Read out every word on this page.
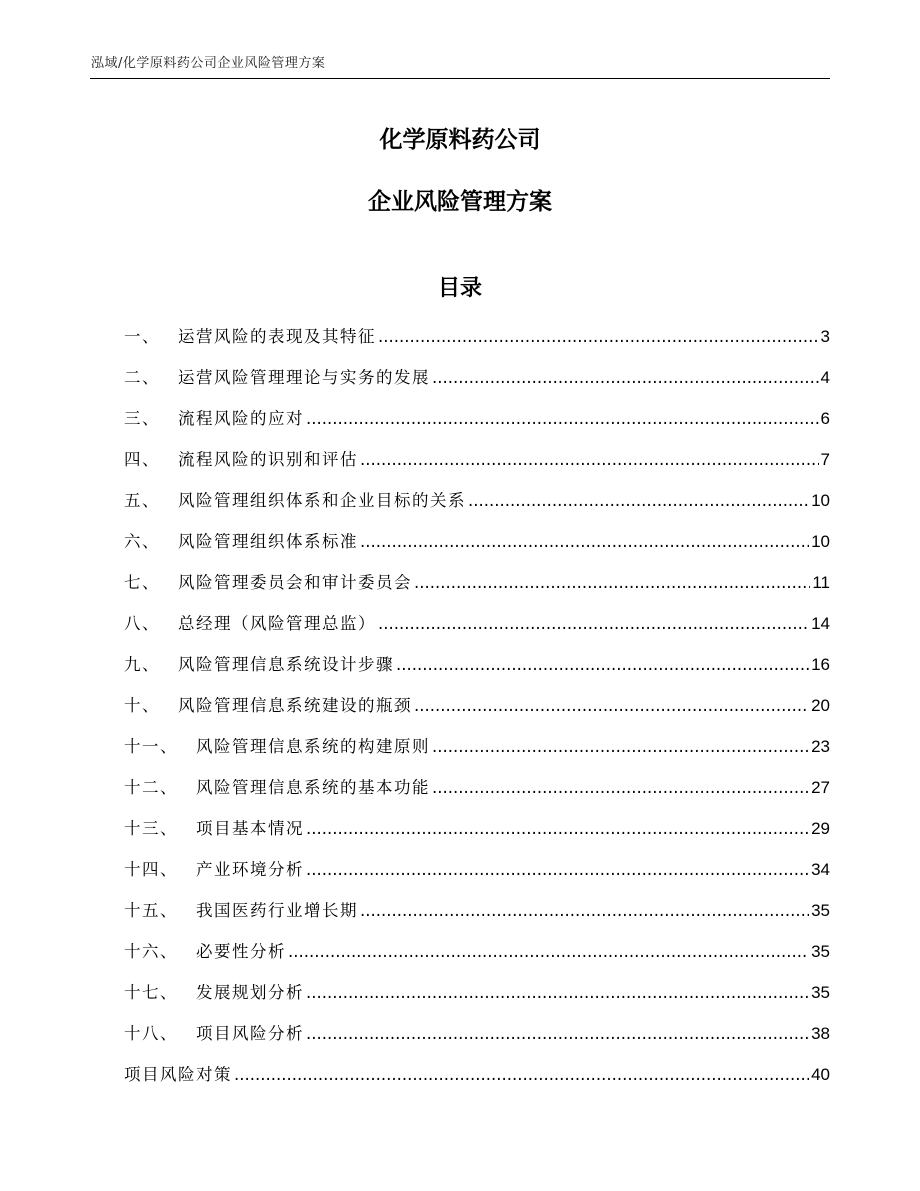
泓域/化学原料药公司企业风险管理方案
化学原料药公司
企业风险管理方案
目录
一、 运营风险的表现及其特征 .....	3
二、 运营风险管理理论与实务的发展 .....	4
三、 流程风险的应对 .....	6
四、 流程风险的识别和评估 .....	7
五、 风险管理组织体系和企业目标的关系 .....	10
六、 风险管理组织体系标准 .....	10
七、 风险管理委员会和审计委员会 .....	11
八、 总经理（风险管理总监） .....	14
九、 风险管理信息系统设计步骤 .....	16
十、 风险管理信息系统建设的瓶颈 .....	20
十一、 风险管理信息系统的构建原则 .....	23
十二、 风险管理信息系统的基本功能 .....	27
十三、 项目基本情况 .....	29
十四、 产业环境分析 .....	34
十五、 我国医药行业增长期 .....	35
十六、 必要性分析 .....	35
十七、 发展规划分析 .....	35
十八、 项目风险分析 .....	38
项目风险对策 .....	40
